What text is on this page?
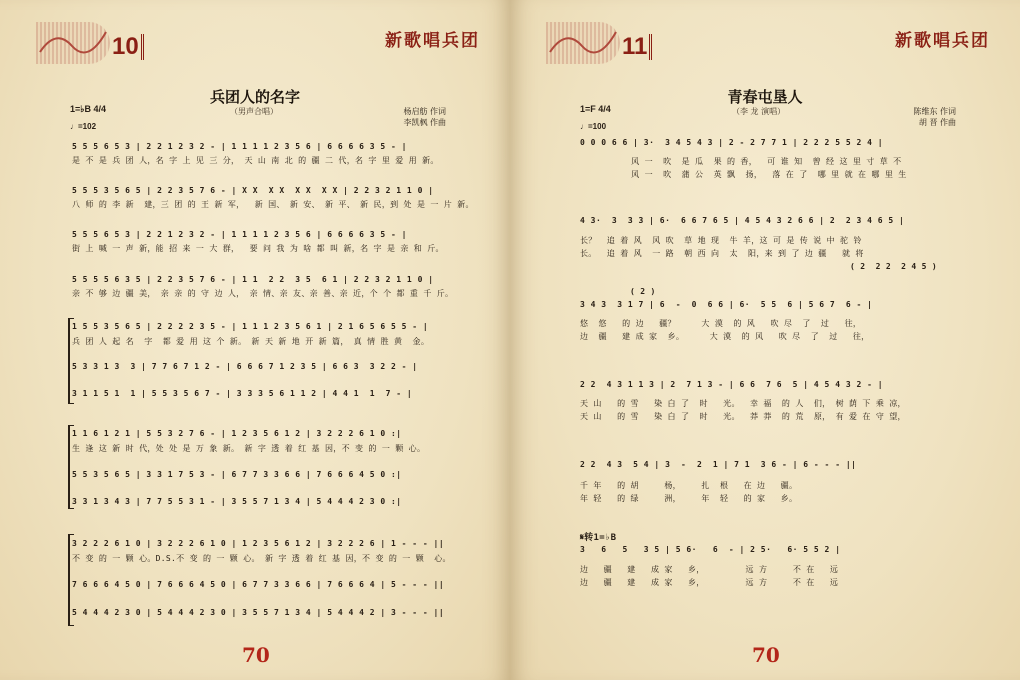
10	新歌唱兵团
兵团人的名字
（男声合唱）
1=♭B 4/4
♩=102
杨启舫 作词
李凯枫 作曲
5 5 5 6 5 3 | 2 2 1 2 3 2 - | 1 1 1 1 2 3 5 6 | 6 6 6 6 3 5 - |
是 不 是 兵 团 人，名 字 上 见 三 分， 天 山 南 北 的 疆 二 代，名 字 里 爱 用 新。
5 5 5 3 5 6 5 | 2 2 3 5 7 6 - | X X  X X  X X  X X | 2 2 3 2 1 1 0 |
八 师 的 李 新  建，三 团 的 王 新 军，  新 国、 新 安、 新 平、 新 民，到 处 是 一 片 新。
5 5 5 6 5 3 | 2 2 1 2 3 2 - | 1 1 1 1 2 3 5 6 | 6 6 6 6 3 5 - |
街 上 喊 一 声 新，能 招 来 一 大 群，  要 问 我 为 啥 都 叫 新，名 字 是 亲 和 斤。
5 5 5 5 6 3 5 | 2 2 3 5 7 6 - | 1 1  2 2  3 5  6 1 | 2 2 3 2 1 1 0 |
亲 不 够 边 疆 美， 亲 亲 的 守 边 人， 亲 情、亲 友、亲 善、亲 近，个 个 都 重 千 斤。
1 5 5 3 5 6 5 | 2 2 2 2 3 5 - | 1 1 1 2 3 5 6 1 | 2 1 6 5 6 5 5 - |
兵 团 人 起 名  字  都 爱 用 这 个 新。 新 天 新 地 开 新 篇， 真 情 胜 黄  金。
5 3 3 1 3  3 | 7 7 6 7 1 2 - | 6 6 6 7 1 2 3 5 | 6 6 3  3 2 2 - |
3 1 1 5 1  1 | 5 5 3 5 6 7 - | 3 3 3 5 6 1 1 2 | 4 4 1  1  7 - |
1 1 6 1 2 1 | 5 5 3 2 7 6 - | 1 2 3 5 6 1 2 | 3 2 2 2 6 1 0 :|
生 逢 这 新 时 代，处 处 是 万 象 新。 新 字 透 着 红 基 因，不 变 的 一 颗 心。
5 5 3 5 6 5 | 3 3 1 7 5 3 - | 6 7 7 3 3 6 6 | 7 6 6 6 4 5 0 :|
3 3 1 3 4 3 | 7 7 5 5 3 1 - | 3 5 5 7 1 3 4 | 5 4 4 4 2 3 0 :|
3 2 2 2 6 1 0 | 3 2 2 2 6 1 0 | 1 2 3 5 6 1 2 | 3 2 2 2 6 | 1 - - - ||
不 变 的 一 颗 心。D.S.不 变 的 一 颗 心。 新 字 透 着 红 基 因，不 变 的 一 颗  心。
7 6 6 6 4 5 0 | 7 6 6 6 4 5 0 | 6 7 7 3 3 6 6 | 7 6 6 6 4 | 5 - - - ||
5 4 4 4 2 3 0 | 5 4 4 4 2 3 0 | 3 5 5 7 1 3 4 | 5 4 4 4 2 | 3 - - - ||
70
11	新歌唱兵团
青春屯垦人
（李 龙 演唱）
1=F 4/4
♩=100
陈维东 作词
胡 晋 作曲
0 0 0 6 6 | 3·  3 4 5 4 3 | 2 - 2 7 7 1 | 2 2 2 5 5 2 4 |
风 一  吹  是 瓜  果 的 香，  可 谁 知  曾 经 这 里 寸 草 不
风 一  吹  蒲 公  英 飘  扬，  落 在 了  哪 里 就 在 哪 里 生
4 3·  3  3 3 | 6·  6 6 7 6 5 | 4 5 4 3 2 6 6 | 2  2 3 4 6 5 |
长？  追 着 风  风 吹  草 地 现  牛 羊，这 可 是 传 说 中 驼 铃
长。  追 着 风  一 路  朝 西 向  太  阳，来 到 了 边 疆   就 将
( 2  2 2  2 4 5 )
( 2 )
3 4 3  3 1 7 | 6  -  0  6 6 | 6·  5 5  6 | 5 6 7  6 - |
悠  悠   的 边   疆？     大 漠  的 风   吹 尽  了  过   往，
边  疆   建 成 家  乡。     大 漠  的 风   吹 尽  了  过   往，
2 2  4 3 1 1 3 | 2  7 1 3 - | 6 6  7 6  5 | 4 5 4 3 2 - |
天 山   的 雪   染 白 了  时   光。  幸 福  的 人  们， 树 荫 下 乘 凉，
天 山   的 雪   染 白 了  时   光。  莽 莽  的 荒  原， 有 爱 在 守 望，
2 2  4 3  5 4 | 3  -  2  1 | 7 1  3 6 - | 6 - - - ||
千 年   的 胡     杨，    扎  根   在 边   疆。
年 轻   的 绿     洲，    年  轻   的 家   乡。
𝄋转1=♭B
3   6   5   3 5 | 5 6·   6  - | 2 5·   6· 5 5 2 |
边   疆   建   成 家   乡，        远 方     不 在   远
边   疆   建   成 家   乡，        远 方     不 在   远
70
